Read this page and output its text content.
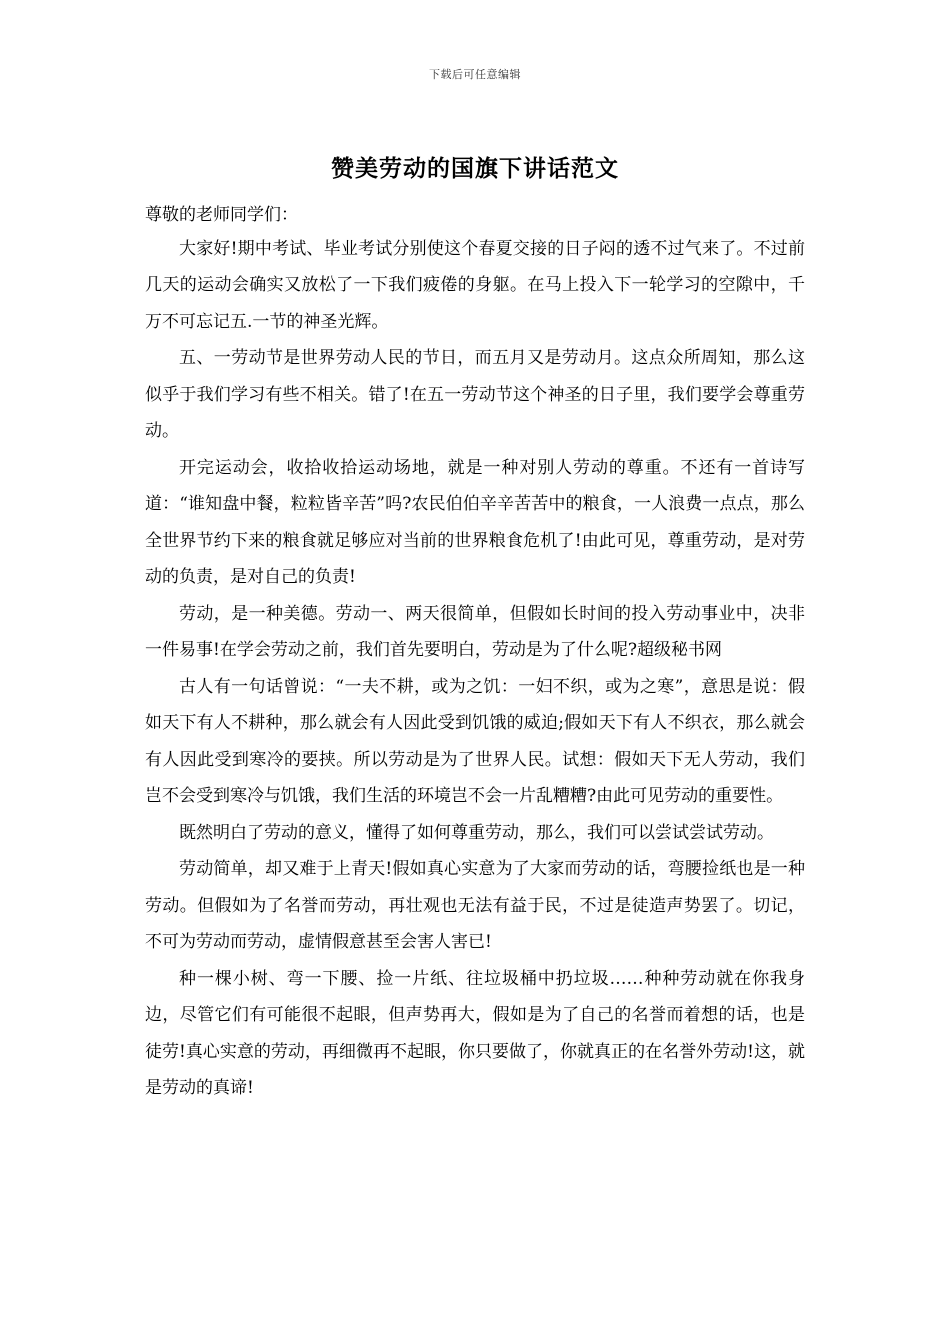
下载后可任意编辑
赞美劳动的国旗下讲话范文

尊敬的老师同学们：

大家好!期中考试、毕业考试分别使这个春夏交接的日子闷的透不过气来了。不过前几天的运动会确实又放松了一下我们疲倦的身躯。在马上投入下一轮学习的空隙中，千万不可忘记五.一节的神圣光辉。

五、一劳动节是世界劳动人民的节日，而五月又是劳动月。这点众所周知，那么这似乎于我们学习有些不相关。错了!在五一劳动节这个神圣的日子里，我们要学会尊重劳动。

开完运动会，收拾收拾运动场地，就是一种对别人劳动的尊重。不还有一首诗写道：“谁知盘中餐，粒粒皆辛苦”吗?农民伯伯辛辛苦苦中的粮食，一人浪费一点点，那么全世界节约下来的粮食就足够应对当前的世界粮食危机了!由此可见，尊重劳动，是对劳动的负责，是对自己的负责!

劳动，是一种美德。劳动一、两天很简单，但假如长时间的投入劳动事业中，决非一件易事!在学会劳动之前，我们首先要明白，劳动是为了什么呢?超级秘书网

古人有一句话曾说：“一夫不耕，或为之饥：一妇不织，或为之寒”，意思是说：假如天下有人不耕种，那么就会有人因此受到饥饿的威迫;假如天下有人不织衣，那么就会有人因此受到寒冷的要挟。所以劳动是为了世界人民。试想：假如天下无人劳动，我们岂不会受到寒冷与饥饿，我们生活的环境岂不会一片乱糟糟?由此可见劳动的重要性。

既然明白了劳动的意义，懂得了如何尊重劳动，那么，我们可以尝试尝试劳动。

劳动简单，却又难于上青天!假如真心实意为了大家而劳动的话，弯腰捡纸也是一种劳动。但假如为了名誉而劳动，再壮观也无法有益于民，不过是徒造声势罢了。切记，不可为劳动而劳动，虚情假意甚至会害人害已!

种一棵小树、弯一下腰、捡一片纸、往垃圾桶中扔垃圾……种种劳动就在你我身边，尽管它们有可能很不起眼，但声势再大，假如是为了自己的名誉而着想的话，也是徒劳!真心实意的劳动，再细微再不起眼，你只要做了，你就真正的在名誉外劳动!这，就是劳动的真谛!
